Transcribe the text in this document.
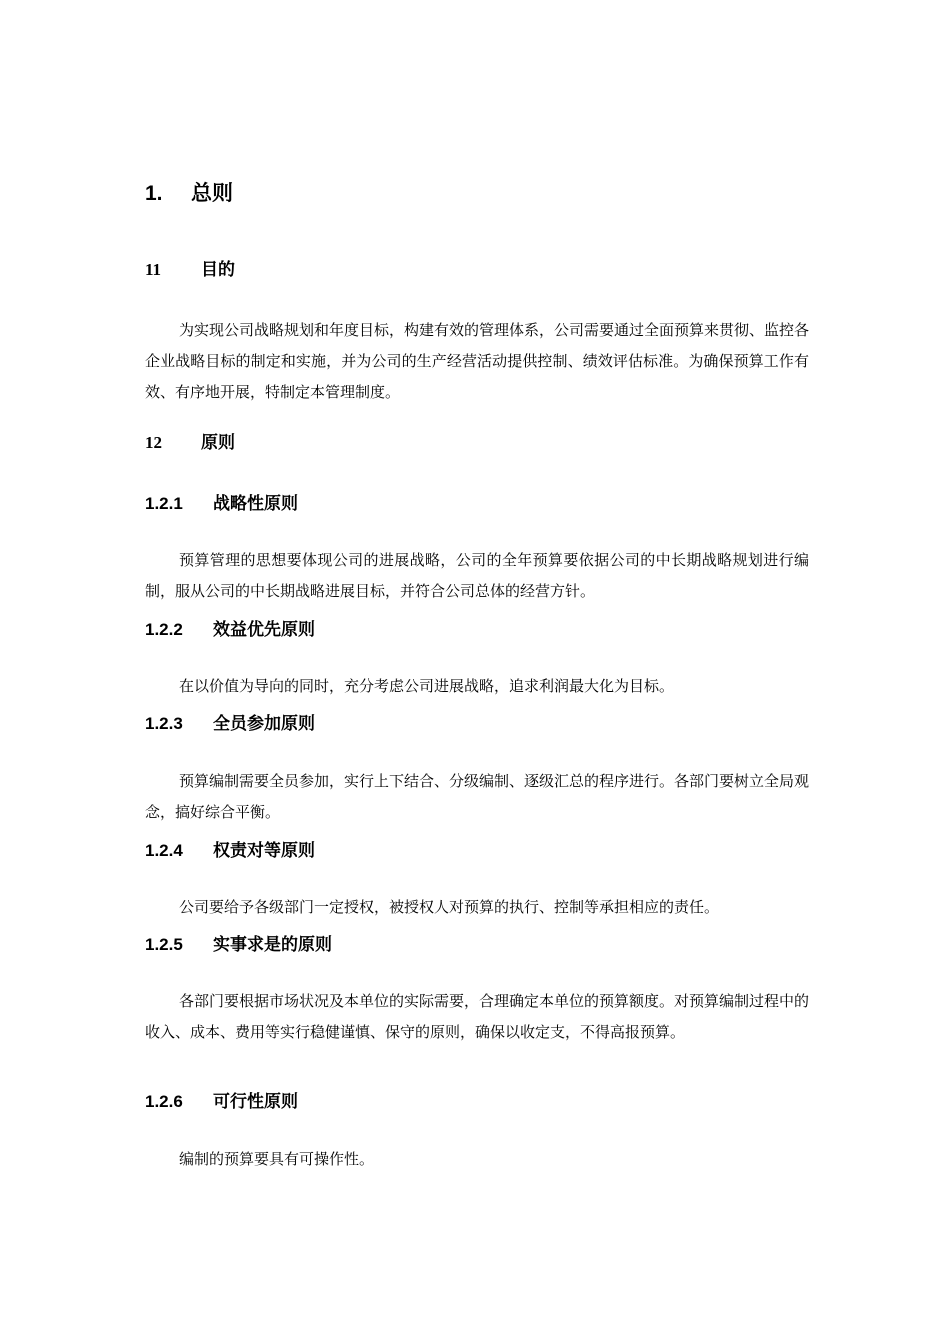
1. 总则
11 目的

为实现公司战略规划和年度目标，构建有效的管理体系，公司需要通过全面预算来贯彻、监控各企业战略目标的制定和实施，并为公司的生产经营活动提供控制、绩效评估标准。为确保预算工作有效、有序地开展，特制定本管理制度。

12 原则
1.2.1 战略性原则

预算管理的思想要体现公司的进展战略，公司的全年预算要依据公司的中长期战略规划进行编制，服从公司的中长期战略进展目标，并符合公司总体的经营方针。

1.2.2 效益优先原则

在以价值为导向的同时，充分考虑公司进展战略，追求利润最大化为目标。

1.2.3 全员参加原则

预算编制需要全员参加，实行上下结合、分级编制、逐级汇总的程序进行。各部门要树立全局观念，搞好综合平衡。

1.2.4 权责对等原则

公司要给予各级部门一定授权，被授权人对预算的执行、控制等承担相应的责任。

1.2.5 实事求是的原则

各部门要根据市场状况及本单位的实际需要，合理确定本单位的预算额度。对预算编制过程中的收入、成本、费用等实行稳健谨慎、保守的原则，确保以收定支，不得高报预算。

1.2.6 可行性原则

编制的预算要具有可操作性。
